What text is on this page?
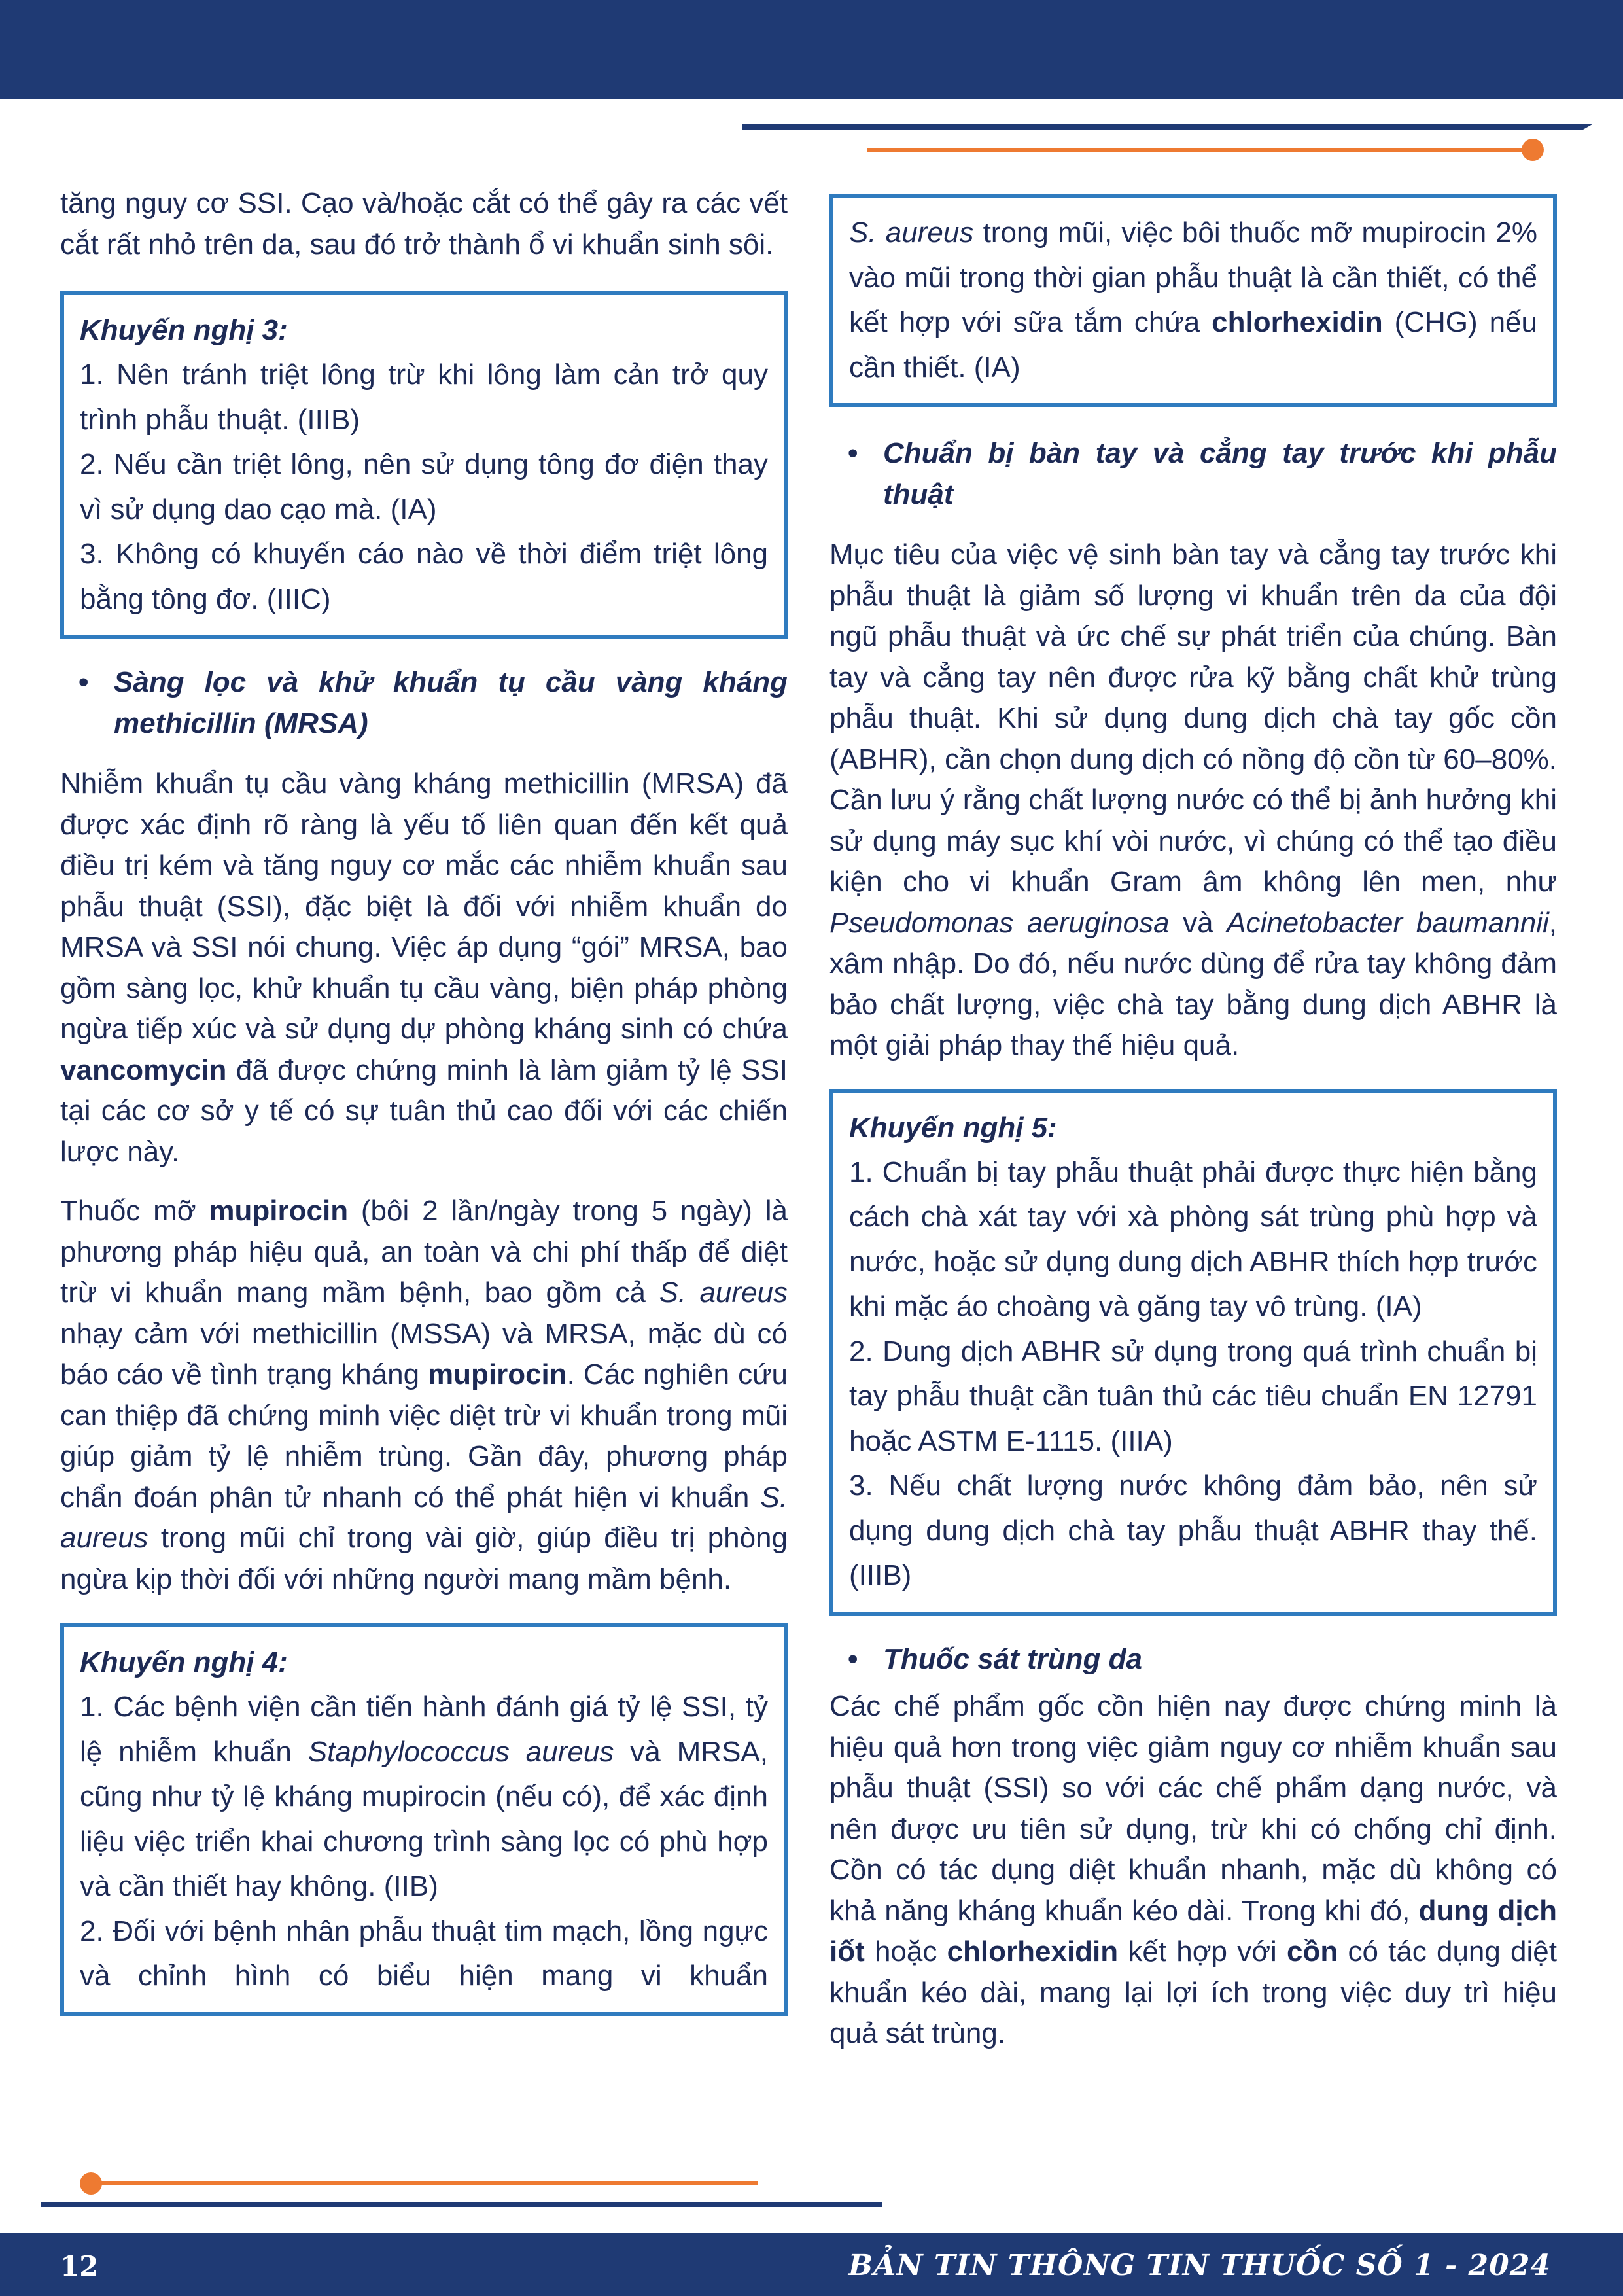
tăng nguy cơ SSI. Cạo và/hoặc cắt có thể gây ra các vết cắt rất nhỏ trên da, sau đó trở thành ổ vi khuẩn sinh sôi.

Khuyến nghị 3:
1. Nên tránh triệt lông trừ khi lông làm cản trở quy trình phẫu thuật. (IIIB)
2. Nếu cần triệt lông, nên sử dụng tông đơ điện thay vì sử dụng dao cạo mà. (IA)
3. Không có khuyến cáo nào về thời điểm triệt lông bằng tông đơ. (IIIC)
• Sàng lọc và khử khuẩn tụ cầu vàng kháng methicillin (MRSA)

Nhiễm khuẩn tụ cầu vàng kháng methicillin (MRSA) đã được xác định rõ ràng là yếu tố liên quan đến kết quả điều trị kém và tăng nguy cơ mắc các nhiễm khuẩn sau phẫu thuật (SSI), đặc biệt là đối với nhiễm khuẩn do MRSA và SSI nói chung. Việc áp dụng “gói” MRSA, bao gồm sàng lọc, khử khuẩn tụ cầu vàng, biện pháp phòng ngừa tiếp xúc và sử dụng dự phòng kháng sinh có chứa vancomycin đã được chứng minh là làm giảm tỷ lệ SSI tại các cơ sở y tế có sự tuân thủ cao đối với các chiến lược này.

Thuốc mỡ mupirocin (bôi 2 lần/ngày trong 5 ngày) là phương pháp hiệu quả, an toàn và chi phí thấp để diệt trừ vi khuẩn mang mầm bệnh, bao gồm cả S. aureus nhạy cảm với methicillin (MSSA) và MRSA, mặc dù có báo cáo về tình trạng kháng mupirocin. Các nghiên cứu can thiệp đã chứng minh việc diệt trừ vi khuẩn trong mũi giúp giảm tỷ lệ nhiễm trùng. Gần đây, phương pháp chẩn đoán phân tử nhanh có thể phát hiện vi khuẩn S. aureus trong mũi chỉ trong vài giờ, giúp điều trị phòng ngừa kịp thời đối với những người mang mầm bệnh.

Khuyến nghị 4:
1. Các bệnh viện cần tiến hành đánh giá tỷ lệ SSI, tỷ lệ nhiễm khuẩn Staphylococcus aureus và MRSA, cũng như tỷ lệ kháng mupirocin (nếu có), để xác định liệu việc triển khai chương trình sàng lọc có phù hợp và cần thiết hay không. (IIB)
2. Đối với bệnh nhân phẫu thuật tim mạch, lồng ngực và chỉnh hình có biểu hiện mang vi khuẩn
S. aureus trong mũi, việc bôi thuốc mỡ mupirocin 2% vào mũi trong thời gian phẫu thuật là cần thiết, có thể kết hợp với sữa tắm chứa chlorhexidin (CHG) nếu cần thiết. (IA)
• Chuẩn bị bàn tay và cẳng tay trước khi phẫu thuật

Mục tiêu của việc vệ sinh bàn tay và cẳng tay trước khi phẫu thuật là giảm số lượng vi khuẩn trên da của đội ngũ phẫu thuật và ức chế sự phát triển của chúng. Bàn tay và cẳng tay nên được rửa kỹ bằng chất khử trùng phẫu thuật. Khi sử dụng dung dịch chà tay gốc cồn (ABHR), cần chọn dung dịch có nồng độ cồn từ 60–80%. Cần lưu ý rằng chất lượng nước có thể bị ảnh hưởng khi sử dụng máy sục khí vòi nước, vì chúng có thể tạo điều kiện cho vi khuẩn Gram âm không lên men, như Pseudomonas aeruginosa và Acinetobacter baumannii, xâm nhập. Do đó, nếu nước dùng để rửa tay không đảm bảo chất lượng, việc chà tay bằng dung dịch ABHR là một giải pháp thay thế hiệu quả.

Khuyến nghị 5:
1. Chuẩn bị tay phẫu thuật phải được thực hiện bằng cách chà xát tay với xà phòng sát trùng phù hợp và nước, hoặc sử dụng dung dịch ABHR thích hợp trước khi mặc áo choàng và găng tay vô trùng. (IA)
2. Dung dịch ABHR sử dụng trong quá trình chuẩn bị tay phẫu thuật cần tuân thủ các tiêu chuẩn EN 12791 hoặc ASTM E-1115. (IIIA)
3. Nếu chất lượng nước không đảm bảo, nên sử dụng dung dịch chà tay phẫu thuật ABHR thay thế. (IIIB)
• Thuốc sát trùng da

Các chế phẩm gốc cồn hiện nay được chứng minh là hiệu quả hơn trong việc giảm nguy cơ nhiễm khuẩn sau phẫu thuật (SSI) so với các chế phẩm dạng nước, và nên được ưu tiên sử dụng, trừ khi có chống chỉ định. Cồn có tác dụng diệt khuẩn nhanh, mặc dù không có khả năng kháng khuẩn kéo dài. Trong khi đó, dung dịch iốt hoặc chlorhexidin kết hợp với cồn có tác dụng diệt khuẩn kéo dài, mang lại lợi ích trong việc duy trì hiệu quả sát trùng.

12	BẢN TIN THÔNG TIN THUỐC SỐ 1 - 2024
